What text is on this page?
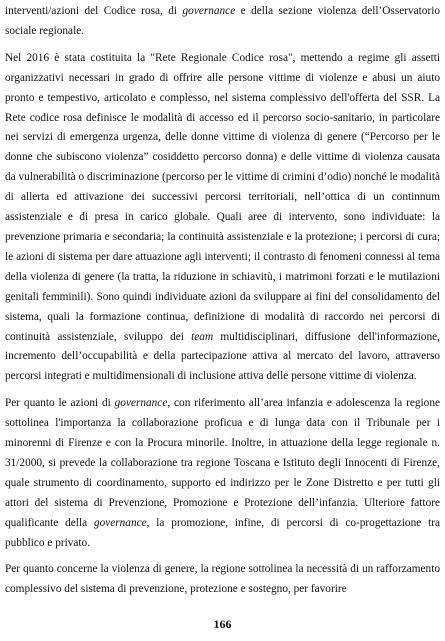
interventi/azioni del Codice rosa, di governance e della sezione violenza dell’Osservatorio sociale regionale.

Nel 2016 è stata costituita la "Rete Regionale Codice rosa", mettendo a regime gli assetti organizzativi necessari in grado di offrire alle persone vittime di violenze e abusi un aiuto pronto e tempestivo, articolato e complesso, nel sistema complessivo dell'offerta del SSR. La Rete codice rosa definisce le modalità di accesso ed il percorso socio-sanitario, in particolare nei servizi di emergenza urgenza, delle donne vittime di violenza di genere (“Percorso per le donne che subiscono violenza” cosiddetto percorso donna) e delle vittime di violenza causata da vulnerabilità o discriminazione (percorso per le vittime di crimini d’odio) nonché le modalità di allerta ed attivazione dei successivi percorsi territoriali, nell’ottica di un continnum assistenziale e di presa in carico globale. Quali aree di intervento, sono individuate: la prevenzione primaria e secondaria; la continuità assistenziale e la protezione; i percorsi di cura; le azioni di sistema per dare attuazione agli interventi; il contrasto di fenomeni connessi al tema della violenza di genere (la tratta, la riduzione in schiavitù, i matrimoni forzati e le mutilazioni genitali femminili). Sono quindi individuate azioni da sviluppare ai fini del consolidamento del sistema, quali la formazione continua, definizione di modalità di raccordo nei percorsi di continuità assistenziale, sviluppo dei team multidisciplinari, diffusione dell'informazione, incremento dell’occupabilità e della partecipazione attiva al mercato del lavoro, attraverso percorsi integrati e multidimensionali di inclusione attiva delle persone vittime di violenza.

Per quanto le azioni di governance, con riferimento all’area infanzia e adolescenza la regione sottolinea l'importanza la collaborazione proficua e di lunga data con il Tribunale per i minorenni di Firenze e con la Procura minorile. Inoltre, in attuazione della legge regionale n. 31/2000, si prevede la collaborazione tra regione Toscana e Istituto degli Innocenti di Firenze, quale strumento di coordinamento, supporto ed indirizzo per le Zone Distretto e per tutti gli attori del sistema di Prevenzione, Promozione e Protezione dell’infanzia. Ulteriore fattore qualificante della governance, la promozione, infine, di percorsi di co-progettazione tra pubblico e privato.

Per quanto concerne la violenza di genere, la regione sottolinea la necessità di un rafforzamento complessivo del sistema di prevenzione, protezione e sostegno, per favorire

166
